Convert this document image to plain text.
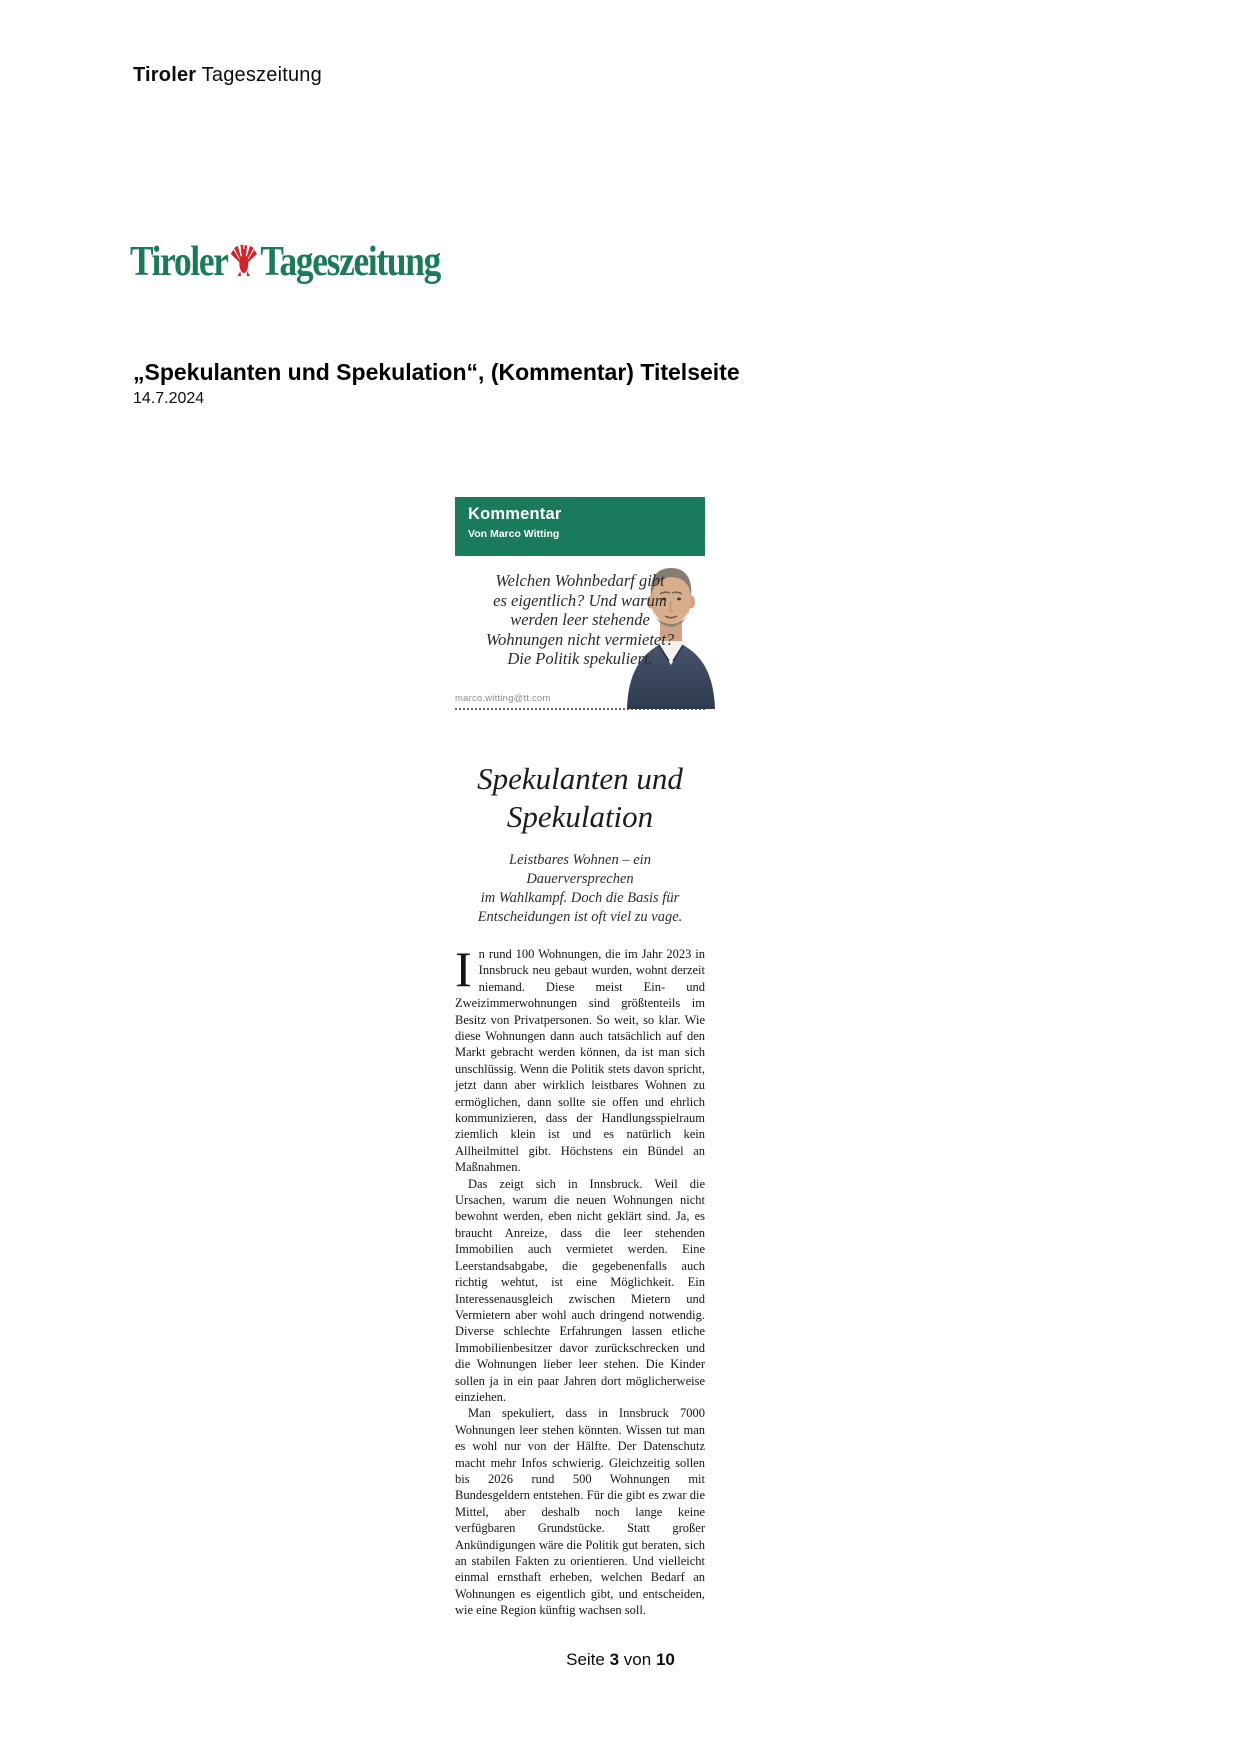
Tiroler Tageszeitung
Tiroler Tageszeitung
„Spekulanten und Spekulation“, (Kommentar) Titelseite
14.7.2024
Kommentar
Von Marco Witting
Welchen Wohnbedarf gibt
es eigentlich? Und warum
werden leer stehende
Wohnungen nicht vermietet?
Die Politik spekuliert.
marco.witting@tt.com
Spekulanten und
Spekulation
Leistbares Wohnen – ein Dauerversprechen
im Wahlkampf. Doch die Basis für
Entscheidungen ist oft viel zu vage.

In rund 100 Wohnungen, die im Jahr 2023 in Innsbruck neu gebaut wurden, wohnt derzeit niemand. Diese meist Ein- und Zweizimmerwohnungen sind größtenteils im Besitz von Privatpersonen. So weit, so klar. Wie diese Wohnungen dann auch tatsächlich auf den Markt gebracht werden können, da ist man sich unschlüssig. Wenn die Politik stets davon spricht, jetzt dann aber wirklich leistbares Wohnen zu ermöglichen, dann sollte sie offen und ehrlich kommunizieren, dass der Handlungsspielraum ziemlich klein ist und es natürlich kein Allheilmittel gibt. Höchstens ein Bündel an Maßnahmen.

Das zeigt sich in Innsbruck. Weil die Ursachen, warum die neuen Wohnungen nicht bewohnt werden, eben nicht geklärt sind. Ja, es braucht Anreize, dass die leer stehenden Immobilien auch vermietet werden. Eine Leerstandsabgabe, die gegebenenfalls auch richtig wehtut, ist eine Möglichkeit. Ein Interessenausgleich zwischen Mietern und Vermietern aber wohl auch dringend notwendig. Diverse schlechte Erfahrungen lassen etliche Immobilienbesitzer davor zurückschrecken und die Wohnungen lieber leer stehen. Die Kinder sollen ja in ein paar Jahren dort möglicherweise einziehen.

Man spekuliert, dass in Innsbruck 7000 Wohnungen leer stehen könnten. Wissen tut man es wohl nur von der Hälfte. Der Datenschutz macht mehr Infos schwierig. Gleichzeitig sollen bis 2026 rund 500 Wohnungen mit Bundesgeldern entstehen. Für die gibt es zwar die Mittel, aber deshalb noch lange keine verfügbaren Grundstücke. Statt großer Ankündigungen wäre die Politik gut beraten, sich an stabilen Fakten zu orientieren. Und vielleicht einmal ernsthaft erheben, welchen Bedarf an Wohnungen es eigentlich gibt, und entscheiden, wie eine Region künftig wachsen soll.

Seite 3 von 10
